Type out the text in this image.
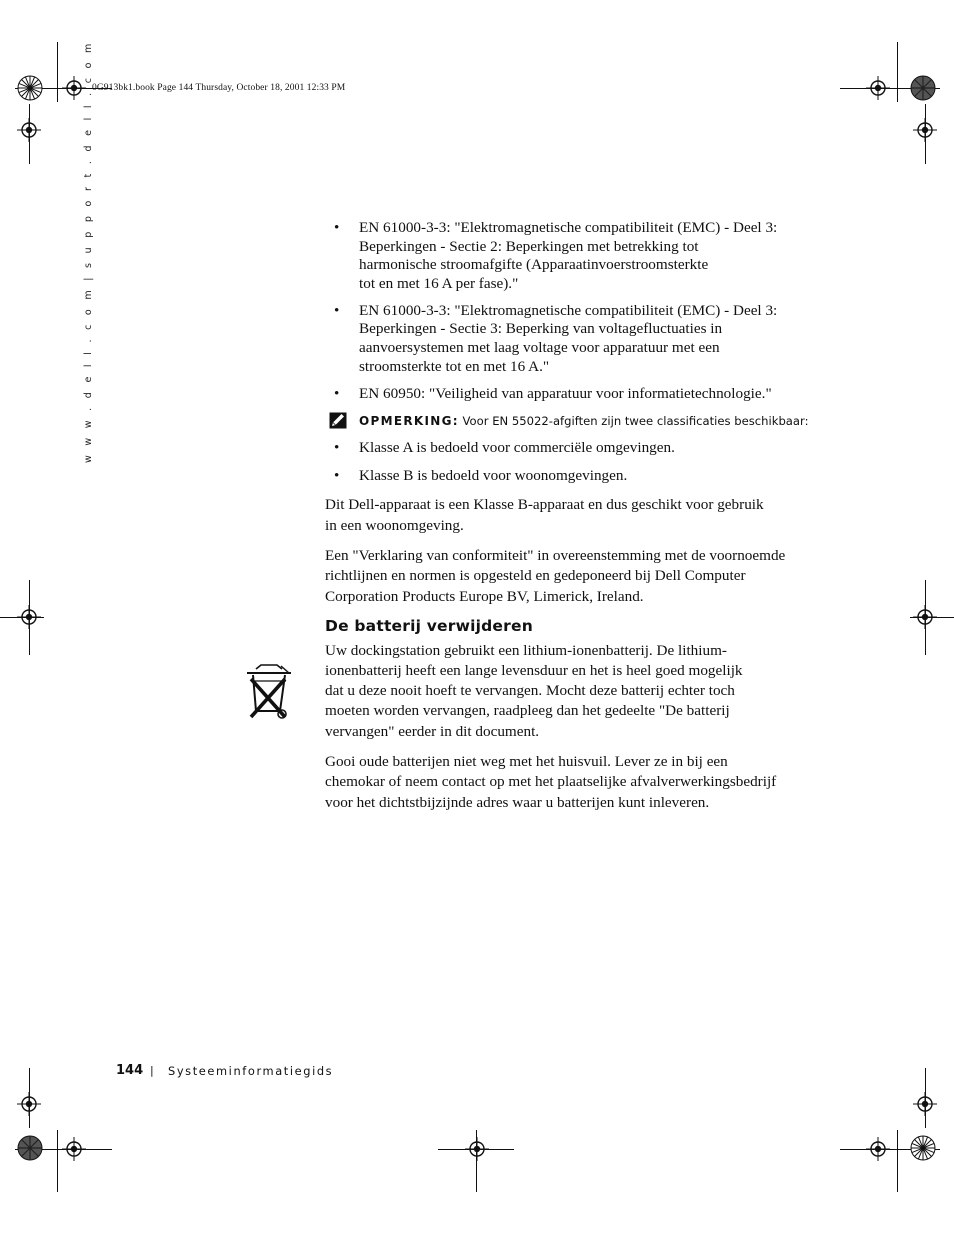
0G913bk1.book Page 144 Thursday, October 18, 2001 12:33 PM
w w w . d e l l . c o m | s u p p o r t . d e l l . c o m	• EN 61000-3-3: "Elektromagnetische compatibiliteit (EMC) - Deel 3:
Beperkingen - Sectie 2: Beperkingen met betrekking tot
harmonische stroomafgifte (Apparaatinvoerstroomsterkte
tot en met 16 A per fase)."
• EN 61000-3-3: "Elektromagnetische compatibiliteit (EMC) - Deel 3:
Beperkingen - Sectie 3: Beperking van voltagefluctuaties in
aanvoersystemen met laag voltage voor apparatuur met een
stroomsterkte tot en met 16 A."
• EN 60950: "Veiligheid van apparatuur voor informatietechnologie."
OPMERKING: Voor EN 55022-afgiften zijn twee classificaties beschikbaar:
• Klasse A is bedoeld voor commerciële omgevingen.
• Klasse B is bedoeld voor woonomgevingen.
Dit Dell-apparaat is een Klasse B-apparaat en dus geschikt voor gebruik
in een woonomgeving.
Een "Verklaring van conformiteit" in overeenstemming met de voornoemde
richtlijnen en normen is opgesteld en gedeponeerd bij Dell Computer
Corporation Products Europe BV, Limerick, Ireland.
De batterij verwijderen
Uw dockingstation gebruikt een lithium-ionenbatterij. De lithium-
ionenbatterij heeft een lange levensduur en het is heel goed mogelijk
dat u deze nooit hoeft te vervangen. Mocht deze batterij echter toch
moeten worden vervangen, raadpleeg dan het gedeelte "De batterij
vervangen" eerder in dit document.
Gooi oude batterijen niet weg met het huisvuil. Lever ze in bij een
chemokar of neem contact op met het plaatselijke afvalverwerkingsbedrijf
voor het dichtstbijzijnde adres waar u batterijen kunt inleveren.
144 | Systeeminformatiegids
